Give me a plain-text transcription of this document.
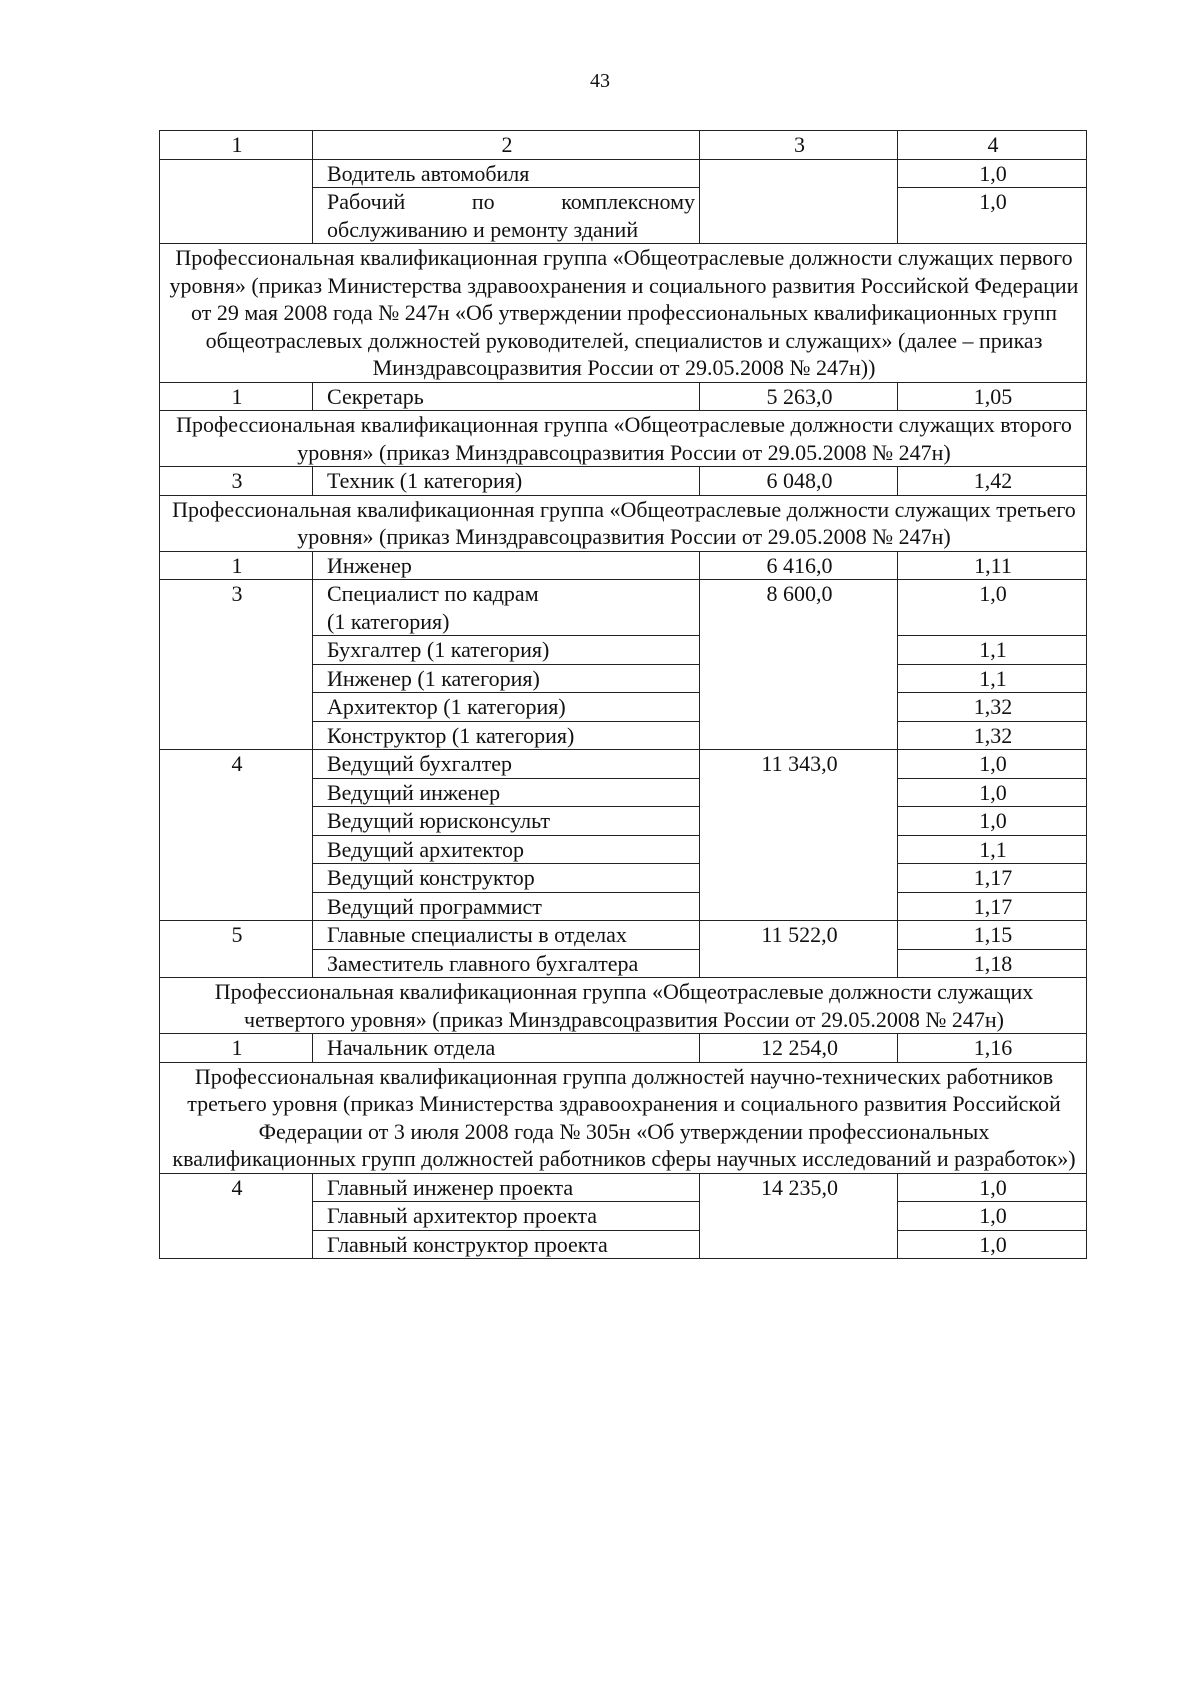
43
1	2	3	4
	Водитель автомобиля		1,0

	Рабочий по комплексному
обслуживанию и ремонту зданий		1,0
Профессиональная квалификационная группа «Общеотраслевые должности служащих первого уровня» (приказ Министерства здравоохранения и социального развития Российской Федерации от 29 мая 2008 года № 247н «Об утверждении профессиональных квалификационных групп общеотраслевых должностей руководителей, специалистов и служащих» (далее – приказ Минздравсоцразвития России от 29.05.2008 № 247н))			
1	Секретарь	5 263,0	1,05
Профессиональная квалификационная группа «Общеотраслевые должности служащих второго уровня» (приказ Минздравсоцразвития России от 29.05.2008 № 247н)			
3	Техник (1 категория)	6 048,0	1,42
Профессиональная квалификационная группа «Общеотраслевые должности служащих третьего уровня» (приказ Минздравсоцразвития России от 29.05.2008 № 247н)			
1	Инженер	6 416,0	1,11
3	Специалист по кадрам
(1 категория)	8 600,0	1,0
	Бухгалтер (1 категория)		1,1
	Инженер (1 категория)		1,1
	Архитектор (1 категория)		1,32
	Конструктор (1 категория)		1,32
4	Ведущий бухгалтер	11 343,0	1,0
	Ведущий инженер		1,0
	Ведущий юрисконсульт		1,0
	Ведущий архитектор		1,1
	Ведущий конструктор		1,17
	Ведущий программист		1,17
5	Главные специалисты в отделах	11 522,0	1,15
	Заместитель главного бухгалтера		1,18
Профессиональная квалификационная группа «Общеотраслевые должности служащих четвертого уровня» (приказ Минздравсоцразвития России от 29.05.2008 № 247н)			
1	Начальник отдела	12 254,0	1,16
Профессиональная квалификационная группа должностей научно-технических работников третьего уровня (приказ Министерства здравоохранения и социального развития Российской Федерации от 3 июля 2008 года № 305н «Об утверждении профессиональных квалификационных групп должностей работников сферы научных исследований и разработок»)			
4	Главный инженер проекта	14 235,0	1,0
	Главный архитектор проекта		1,0
	Главный конструктор проекта		1,0
